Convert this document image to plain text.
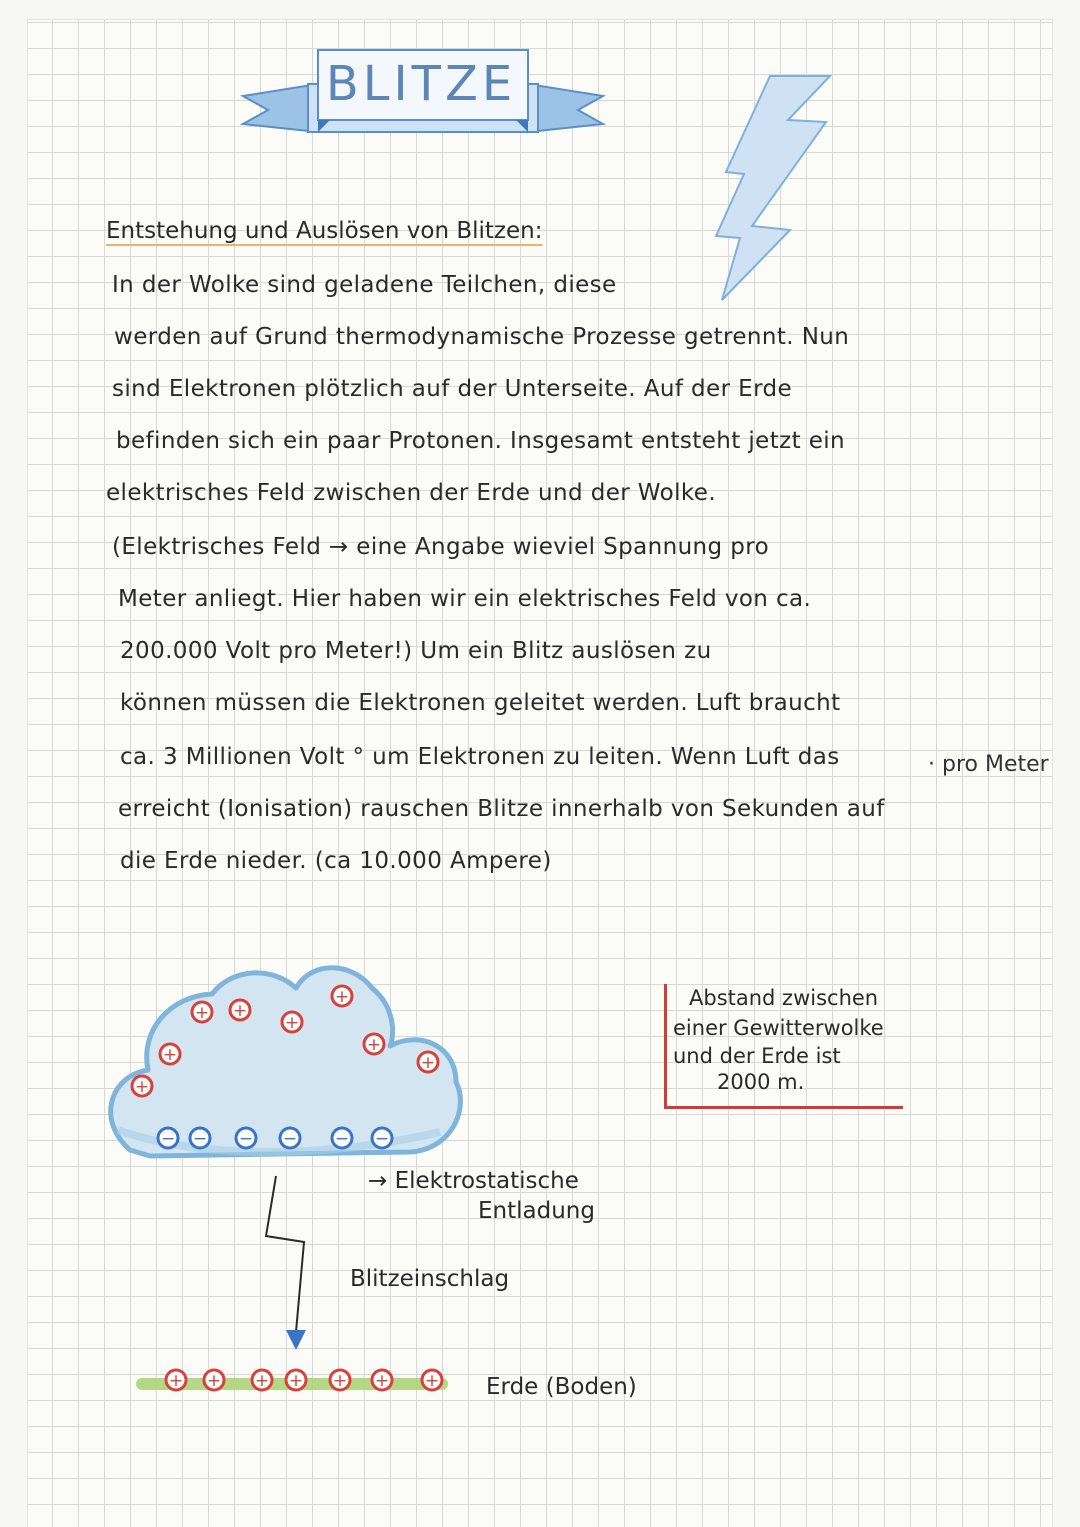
BLITZE
Entstehung und Auslösen von Blitzen:
In der Wolke sind geladene Teilchen, diese
werden auf Grund thermodynamische Prozesse getrennt. Nun
sind Elektronen plötzlich auf der Unterseite. Auf der Erde
befinden sich ein paar Protonen. Insgesamt entsteht jetzt ein
elektrisches Feld zwischen der Erde und der Wolke.
(Elektrisches Feld → eine Angabe wieviel Spannung pro
Meter anliegt. Hier haben wir ein elektrisches Feld von ca.
200.000 Volt pro Meter!) Um ein Blitz auslösen zu
können müssen die Elektronen geleitet werden. Luft braucht
ca. 3 Millionen Volt ° um Elektronen zu leiten. Wenn Luft das
erreicht (Ionisation) rauschen Blitze innerhalb von Sekunden auf
die Erde nieder. (ca 10.000 Ampere)
· pro Meter
Abstand zwischen
einer Gewitterwolke
und der Erde ist
2000 m.
+
+
+ +
+
+
+
+
− − − − − −
+ + + + + + +
→ Elektrostatische
Entladung
Blitzeinschlag
Erde (Boden)
